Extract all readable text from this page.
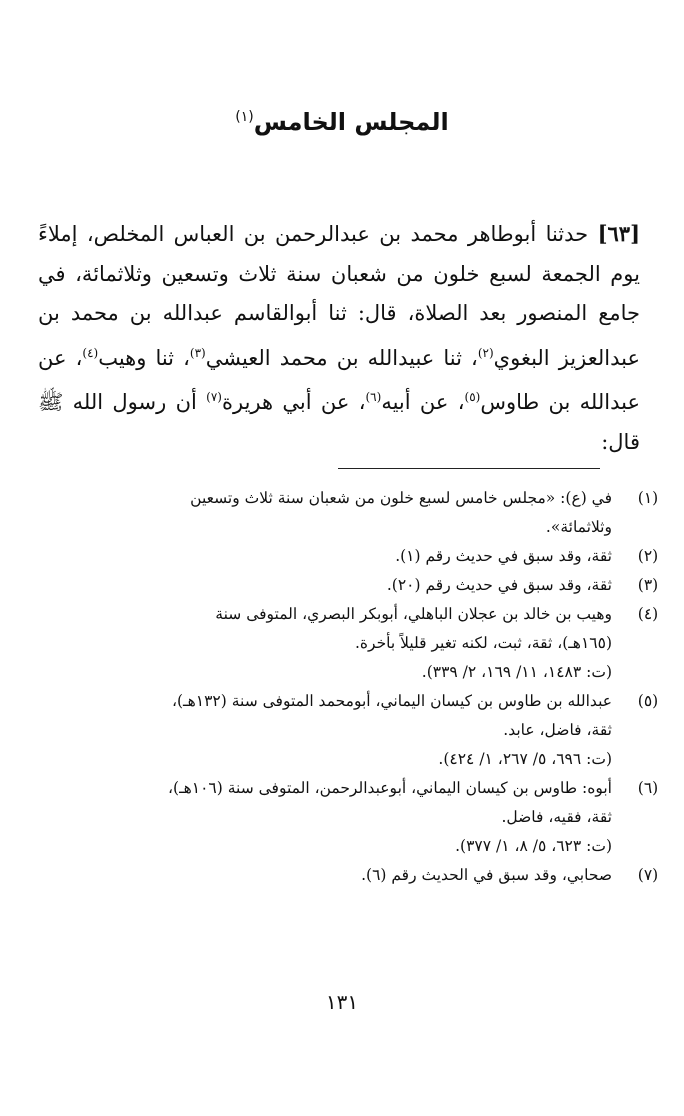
المجلس الخامس$^{(١)}$
[٦٣] حدثنا أبوطاهر محمد بن عبدالرحمن بن العباس المخلص، إملاءً يوم الجمعة لسبع خلون من شعبان سنة ثلاث وتسعين وثلاثمائة، في جامع المنصور بعد الصلاة، قال: ثنا أبوالقاسم عبدالله بن محمد بن عبدالعزيز البغوي$^{(٢)}$، ثنا عبيدالله بن محمد العيشي$^{(٣)}$، ثنا وهيب$^{(٤)}$، عن عبدالله بن طاوس$^{(٥)}$، عن أبيه$^{(٦)}$، عن أبي هريرة$^{(٧)}$ أن رسول الله ﷺ قال:
(١)
في (ع): «مجلس خامس لسبع خلون من شعبان سنة ثلاث وتسعين
وثلاثمائة».
(٢)
ثقة، وقد سبق في حديث رقم (١).
(٣)
ثقة، وقد سبق في حديث رقم (٢٠).
(٤)
وهيب بن خالد بن عجلان الباهلي، أبوبكر البصري، المتوفى سنة
(١٦٥هـ)، ثقة، ثبت، لكنه تغير قليلاً بأخرة.
(ت: ١٤٨٣، ١١/ ١٦٩، ٢/ ٣٣٩).
(٥)
عبدالله بن طاوس بن كيسان اليماني، أبومحمد المتوفى سنة (١٣٢هـ)،
ثقة، فاضل، عابد.
(ت: ٦٩٦، ٥/ ٢٦٧، ١/ ٤٢٤).
(٦)
أبوه: طاوس بن كيسان اليماني، أبوعبدالرحمن، المتوفى سنة (١٠٦هـ)،
ثقة، فقيه، فاضل.
(ت: ٦٢٣، ٥/ ٨، ١/ ٣٧٧).
(٧)
صحابي، وقد سبق في الحديث رقم (٦).
١٣١
